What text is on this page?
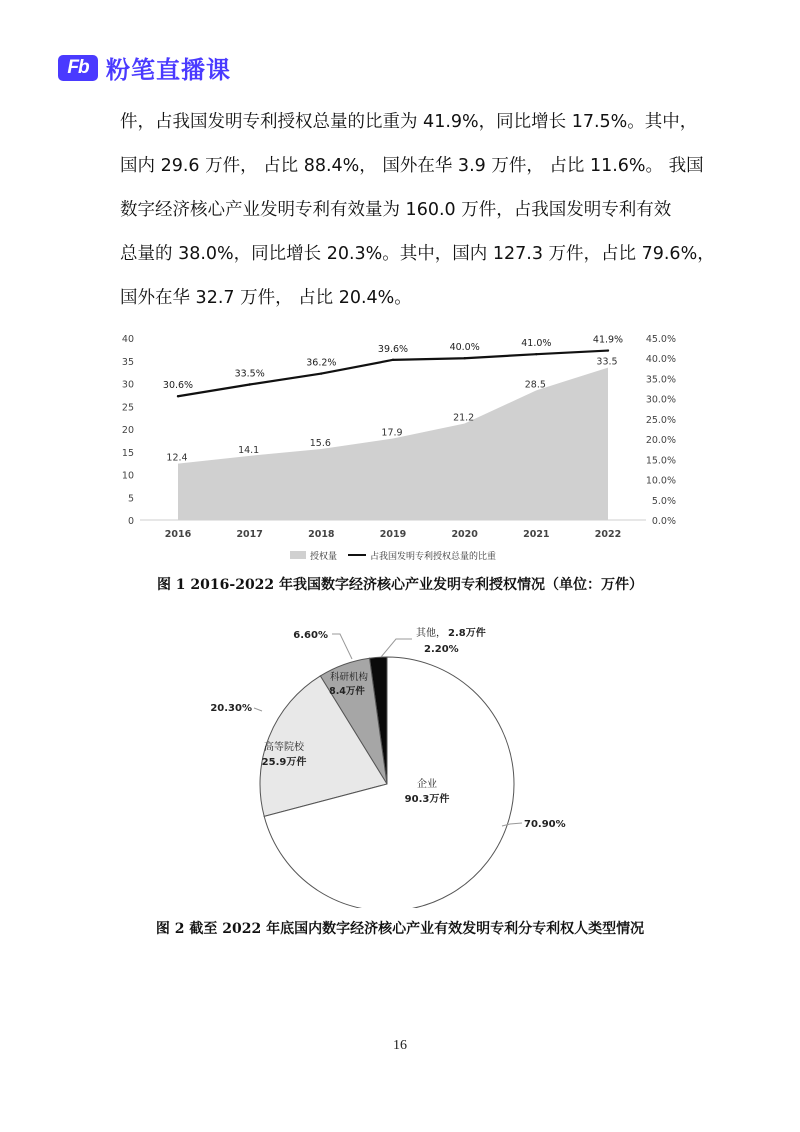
Fb 粉笔直播课
件，占我国发明专利授权总量的比重为 41.9%，同比增长 17.5%。其中，
国内 29.6 万件， 占比 88.4%， 国外在华 3.9 万件， 占比 11.6%。 我国
数字经济核心产业发明专利有效量为 160.0 万件，占我国发明专利有效
总量的 38.0%，同比增长 20.3%。其中，国内 127.3 万件，占比 79.6%，
国外在华 32.7 万件， 占比 20.4%。
0
5
10
15
20
25
30
35
40
0.0%
5.0%
10.0%
15.0%
20.0%
25.0%
30.0%
35.0%
40.0%
45.0%
12.4
14.1
15.6
17.9
21.2
28.5
33.5
30.6%
33.5%
36.2%
39.6%	40.0%	41.0%	41.9%
2016	2017	2018	2019	2020	2021	2022
授权量	占我国发明专利授权总量的比重
图 1 2016-2022 年我国数字经济核心产业发明专利授权情况（单位：万件）
企业
90.3万件
高等院校
25.9万件
科研机构
8.4万件
70.90%
20.30%
6.60%	其他， 2.8万件
2.20%
图 2 截至 2022 年底国内数字经济核心产业有效发明专利分专利权人类型情况
16
